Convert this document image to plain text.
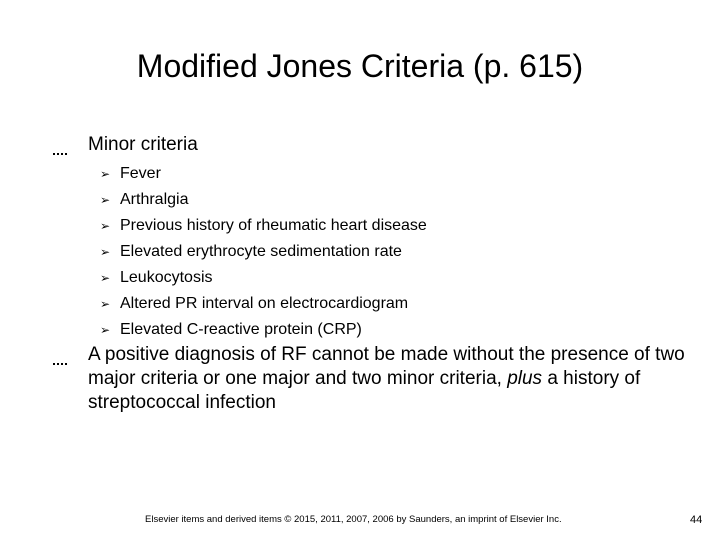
Modified Jones Criteria (p. 615)
Minor criteria
➢ Fever
➢ Arthralgia
➢ Previous history of rheumatic heart disease
➢ Elevated erythrocyte sedimentation rate
➢ Leukocytosis
➢ Altered PR interval on electrocardiogram
➢ Elevated C-reactive protein (CRP)
A positive diagnosis of RF cannot be made without the presence of two major criteria or one major and two minor criteria, plus a history of streptococcal infection
Elsevier items and derived items © 2015, 2011, 2007, 2006 by Saunders, an imprint of Elsevier Inc.	44
